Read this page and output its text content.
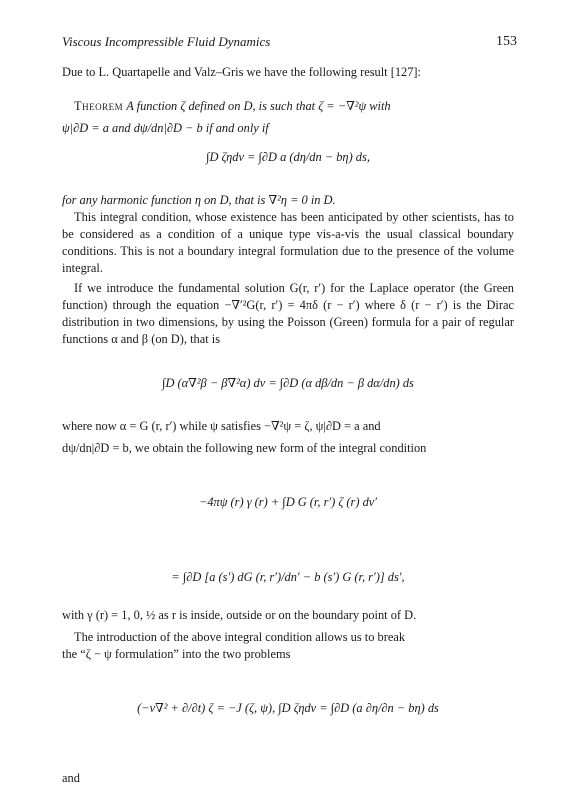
Viscous Incompressible Fluid Dynamics	153
Due to L. Quartapelle and Valz–Gris we have the following result [127]:
Theorem A function ζ defined on D, is such that ζ = −∇²ψ with
ψ|∂D = a and dψ/dn|∂D − b if and only if
∫D ζηdv = ∫∂D a (dη/dn − bη) ds,
for any harmonic function η on D, that is ∇²η = 0 in D.
This integral condition, whose existence has been anticipated by other scientists, has to be considered as a condition of a unique type vis-a-vis the usual classical boundary conditions. This is not a boundary integral formulation due to the presence of the volume integral.
If we introduce the fundamental solution G(r, r′) for the Laplace operator (the Green function) through the equation −∇′²G(r, r′) = 4πδ (r − r′) where δ (r − r′) is the Dirac distribution in two dimensions, by using the Poisson (Green) formula for a pair of regular functions α and β (on D), that is
∫D (α∇²β − β∇²α) dv = ∫∂D (α dβ/dn − β dα/dn) ds
where now α = G (r, r′) while ψ satisfies −∇²ψ = ζ, ψ|∂D = a and
dψ/dn|∂D = b, we obtain the following new form of the integral condition
−4πψ (r) γ (r) + ∫D G (r, r′) ζ (r) dv′
= ∫∂D [a (s′) dG (r, r′)/dn′ − b (s′) G (r, r′)] ds′,
with γ (r) = 1, 0, ½ as r is inside, outside or on the boundary point of D.
The introduction of the above integral condition allows us to break
the “ζ − ψ formulation” into the two problems
(−ν∇² + ∂/∂t) ζ = −J (ζ, ψ), ∫D ζηdv = ∫∂D (a ∂η/∂n − bη) ds
and
